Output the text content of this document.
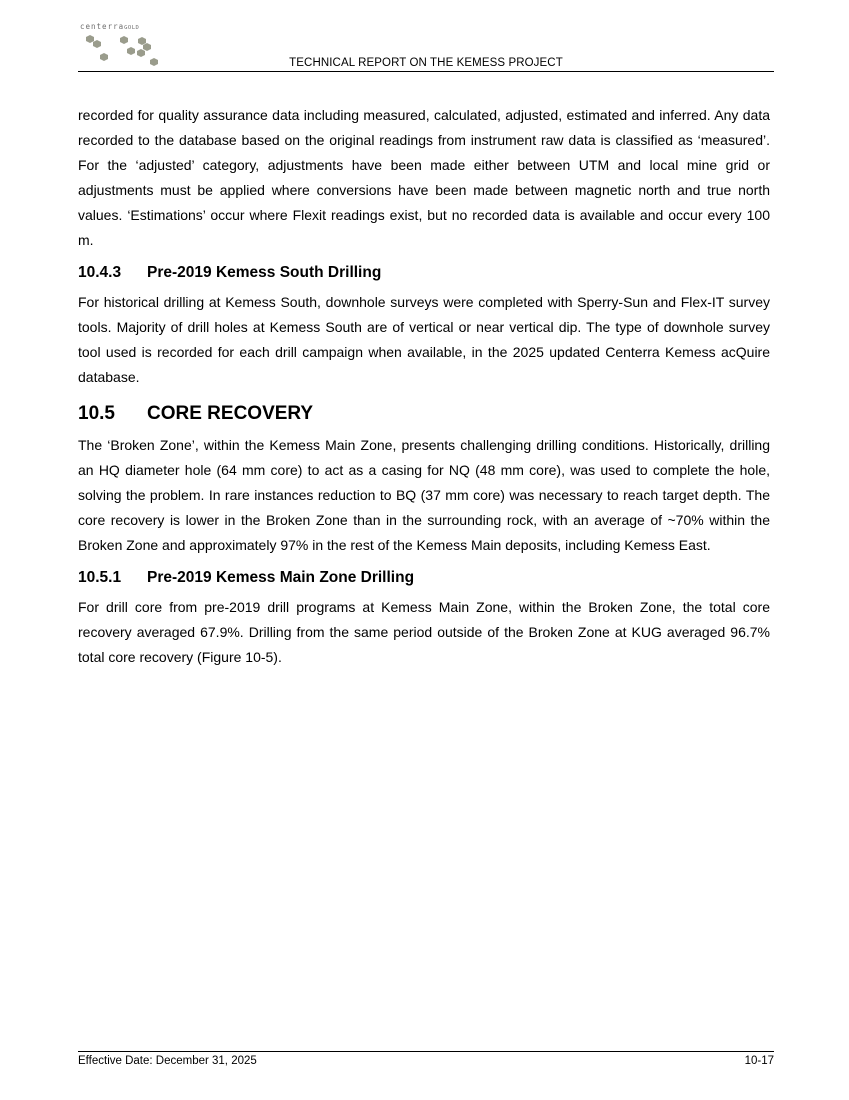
centerraGOLD
TECHNICAL REPORT ON THE KEMESS PROJECT

recorded for quality assurance data including measured, calculated, adjusted, estimated and inferred. Any data recorded to the database based on the original readings from instrument raw data is classified as ‘measured’. For the ‘adjusted’ category, adjustments have been made either between UTM and local mine grid or adjustments must be applied where conversions have been made between magnetic north and true north values. ‘Estimations’ occur where Flexit readings exist, but no recorded data is available and occur every 100 m.

10.4.3 Pre-2019 Kemess South Drilling

For historical drilling at Kemess South, downhole surveys were completed with Sperry-Sun and Flex-IT survey tools. Majority of drill holes at Kemess South are of vertical or near vertical dip. The type of downhole survey tool used is recorded for each drill campaign when available, in the 2025 updated Centerra Kemess acQuire database.

10.5 CORE RECOVERY

The ‘Broken Zone’, within the Kemess Main Zone, presents challenging drilling conditions. Historically, drilling an HQ diameter hole (64 mm core) to act as a casing for NQ (48 mm core), was used to complete the hole, solving the problem. In rare instances reduction to BQ (37 mm core) was necessary to reach target depth. The core recovery is lower in the Broken Zone than in the surrounding rock, with an average of ~70% within the Broken Zone and approximately 97% in the rest of the Kemess Main deposits, including Kemess East.

10.5.1 Pre-2019 Kemess Main Zone Drilling

For drill core from pre-2019 drill programs at Kemess Main Zone, within the Broken Zone, the total core recovery averaged 67.9%. Drilling from the same period outside of the Broken Zone at KUG averaged 96.7% total core recovery (Figure 10-5).

Effective Date: December 31, 2025	10-17
